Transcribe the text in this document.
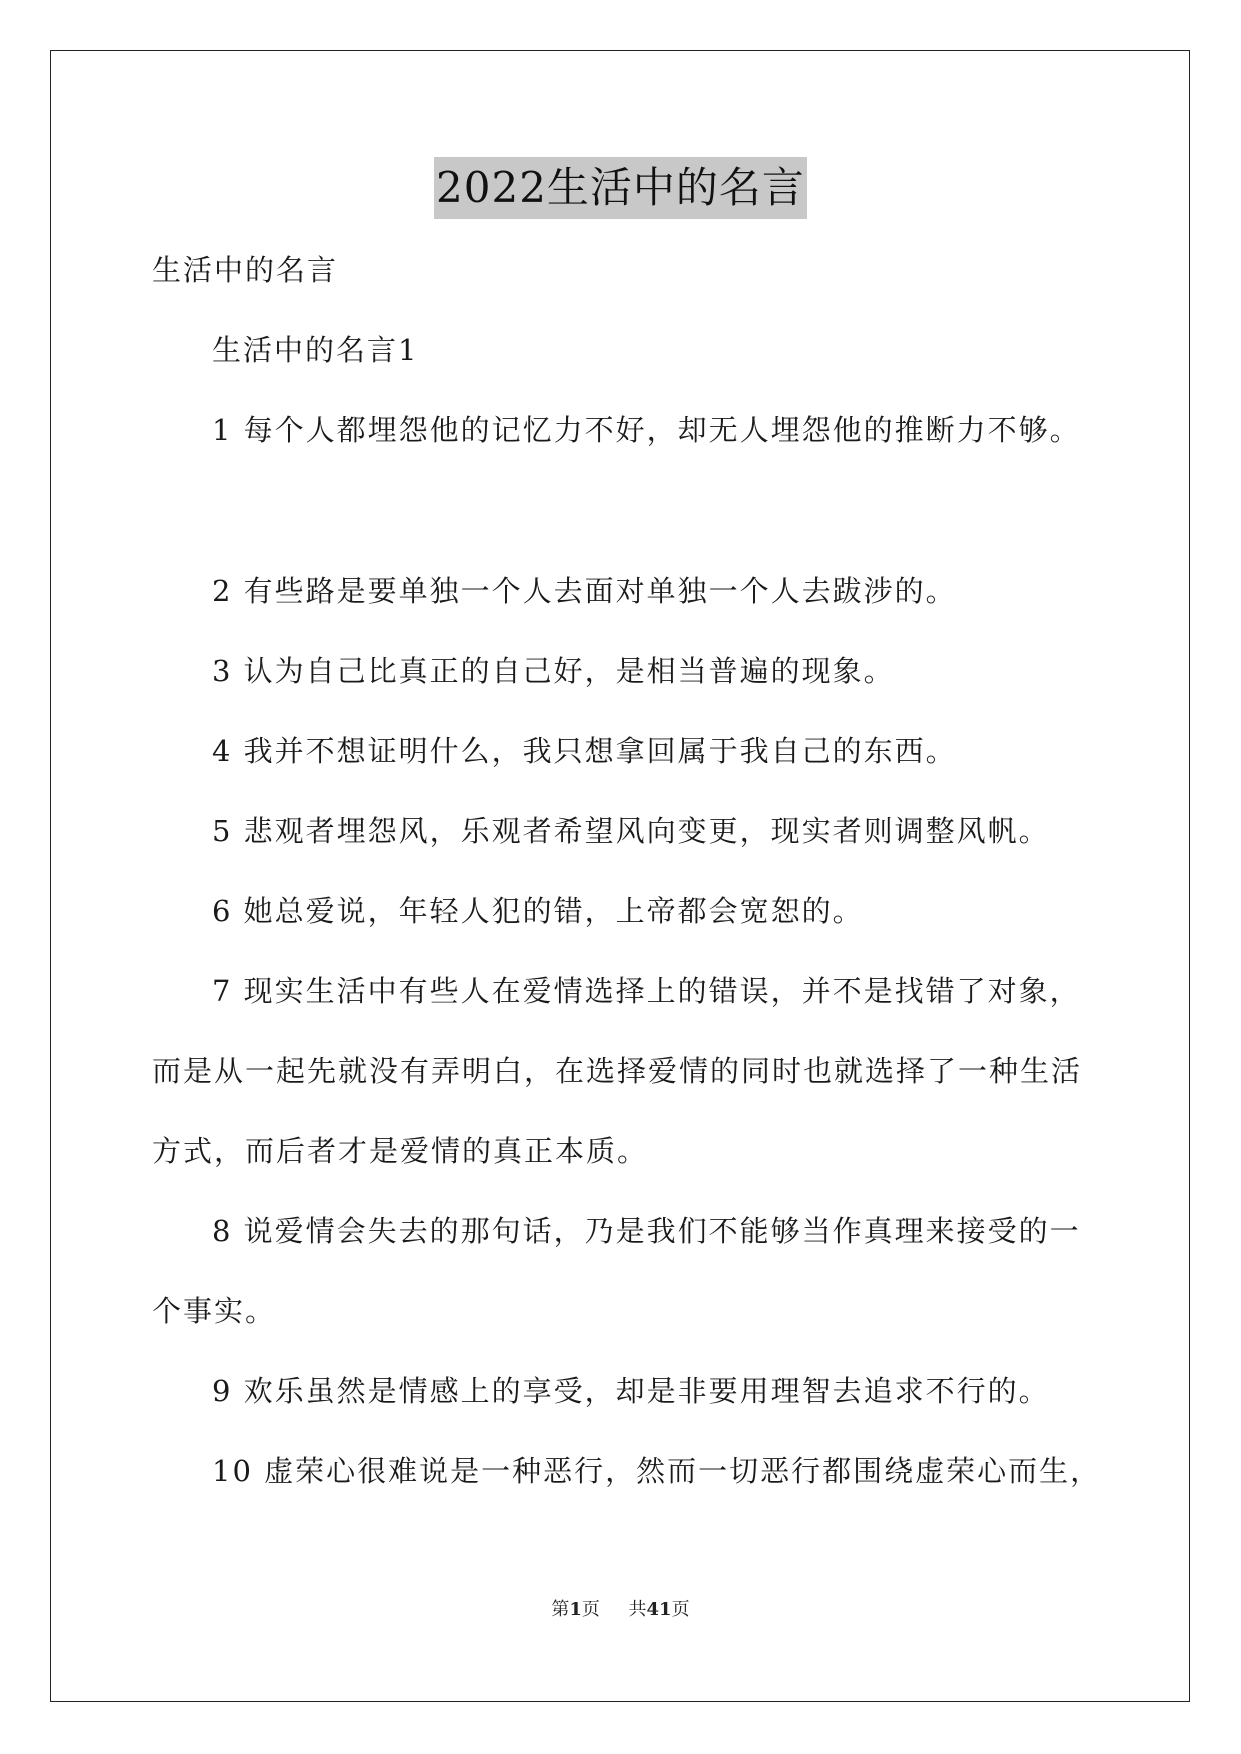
2022生活中的名言
生活中的名言
生活中的名言1
1 每个人都埋怨他的记忆力不好，却无人埋怨他的推断力不够。
2 有些路是要单独一个人去面对单独一个人去跋涉的。
3 认为自己比真正的自己好，是相当普遍的现象。
4 我并不想证明什么，我只想拿回属于我自己的东西。
5 悲观者埋怨风，乐观者希望风向变更，现实者则调整风帆。
6 她总爱说，年轻人犯的错，上帝都会宽恕的。
7 现实生活中有些人在爱情选择上的错误，并不是找错了对象，
而是从一起先就没有弄明白，在选择爱情的同时也就选择了一种生活
方式，而后者才是爱情的真正本质。
8 说爱情会失去的那句话，乃是我们不能够当作真理来接受的一
个事实。
9 欢乐虽然是情感上的享受，却是非要用理智去追求不行的。
10 虚荣心很难说是一种恶行，然而一切恶行都围绕虚荣心而生，
第1页 共41页
